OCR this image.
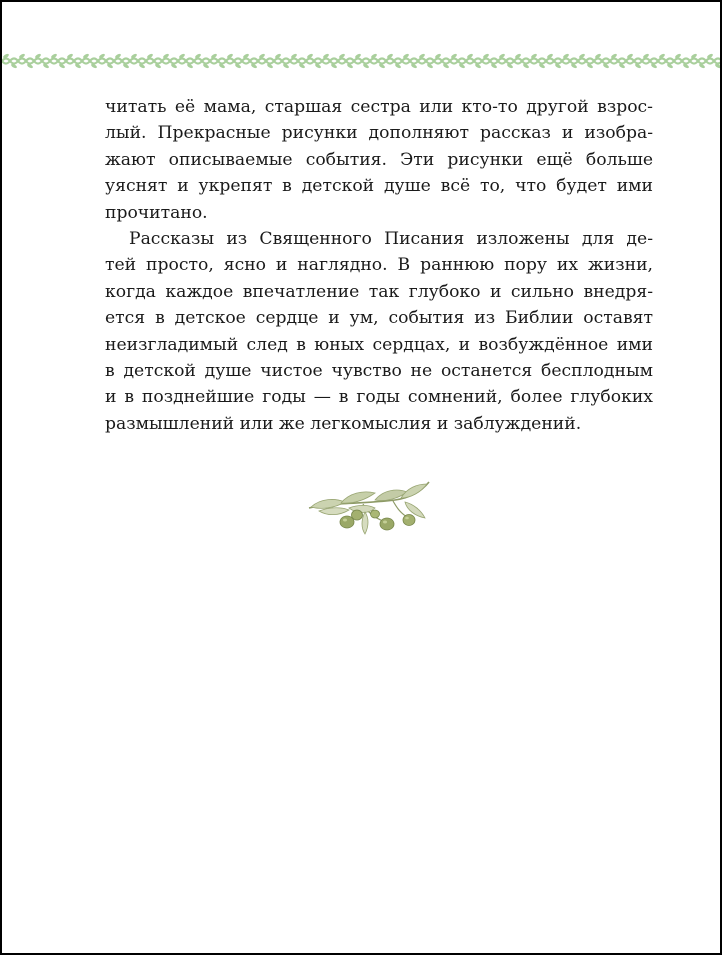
читать её мама, старшая сестра или кто-то другой взрос-
лый. Прекрасные рисунки дополняют рассказ и изобра-
жают описываемые события. Эти рисунки ещё больше
уяснят и укрепят в детской душе всё то, что будет ими
прочитано.

Рассказы из Священного Писания изложены для де-
тей просто, ясно и наглядно. В раннюю пору их жизни,
когда каждое впечатление так глубоко и сильно внедря-
ется в детское сердце и ум, события из Библии оставят
неизгладимый след в юных сердцах, и возбуждённое ими
в детской душе чистое чувство не останется бесплодным
и в позднейшие годы — в годы сомнений, более глубоких
размышлений или же легкомыслия и заблуждений.
